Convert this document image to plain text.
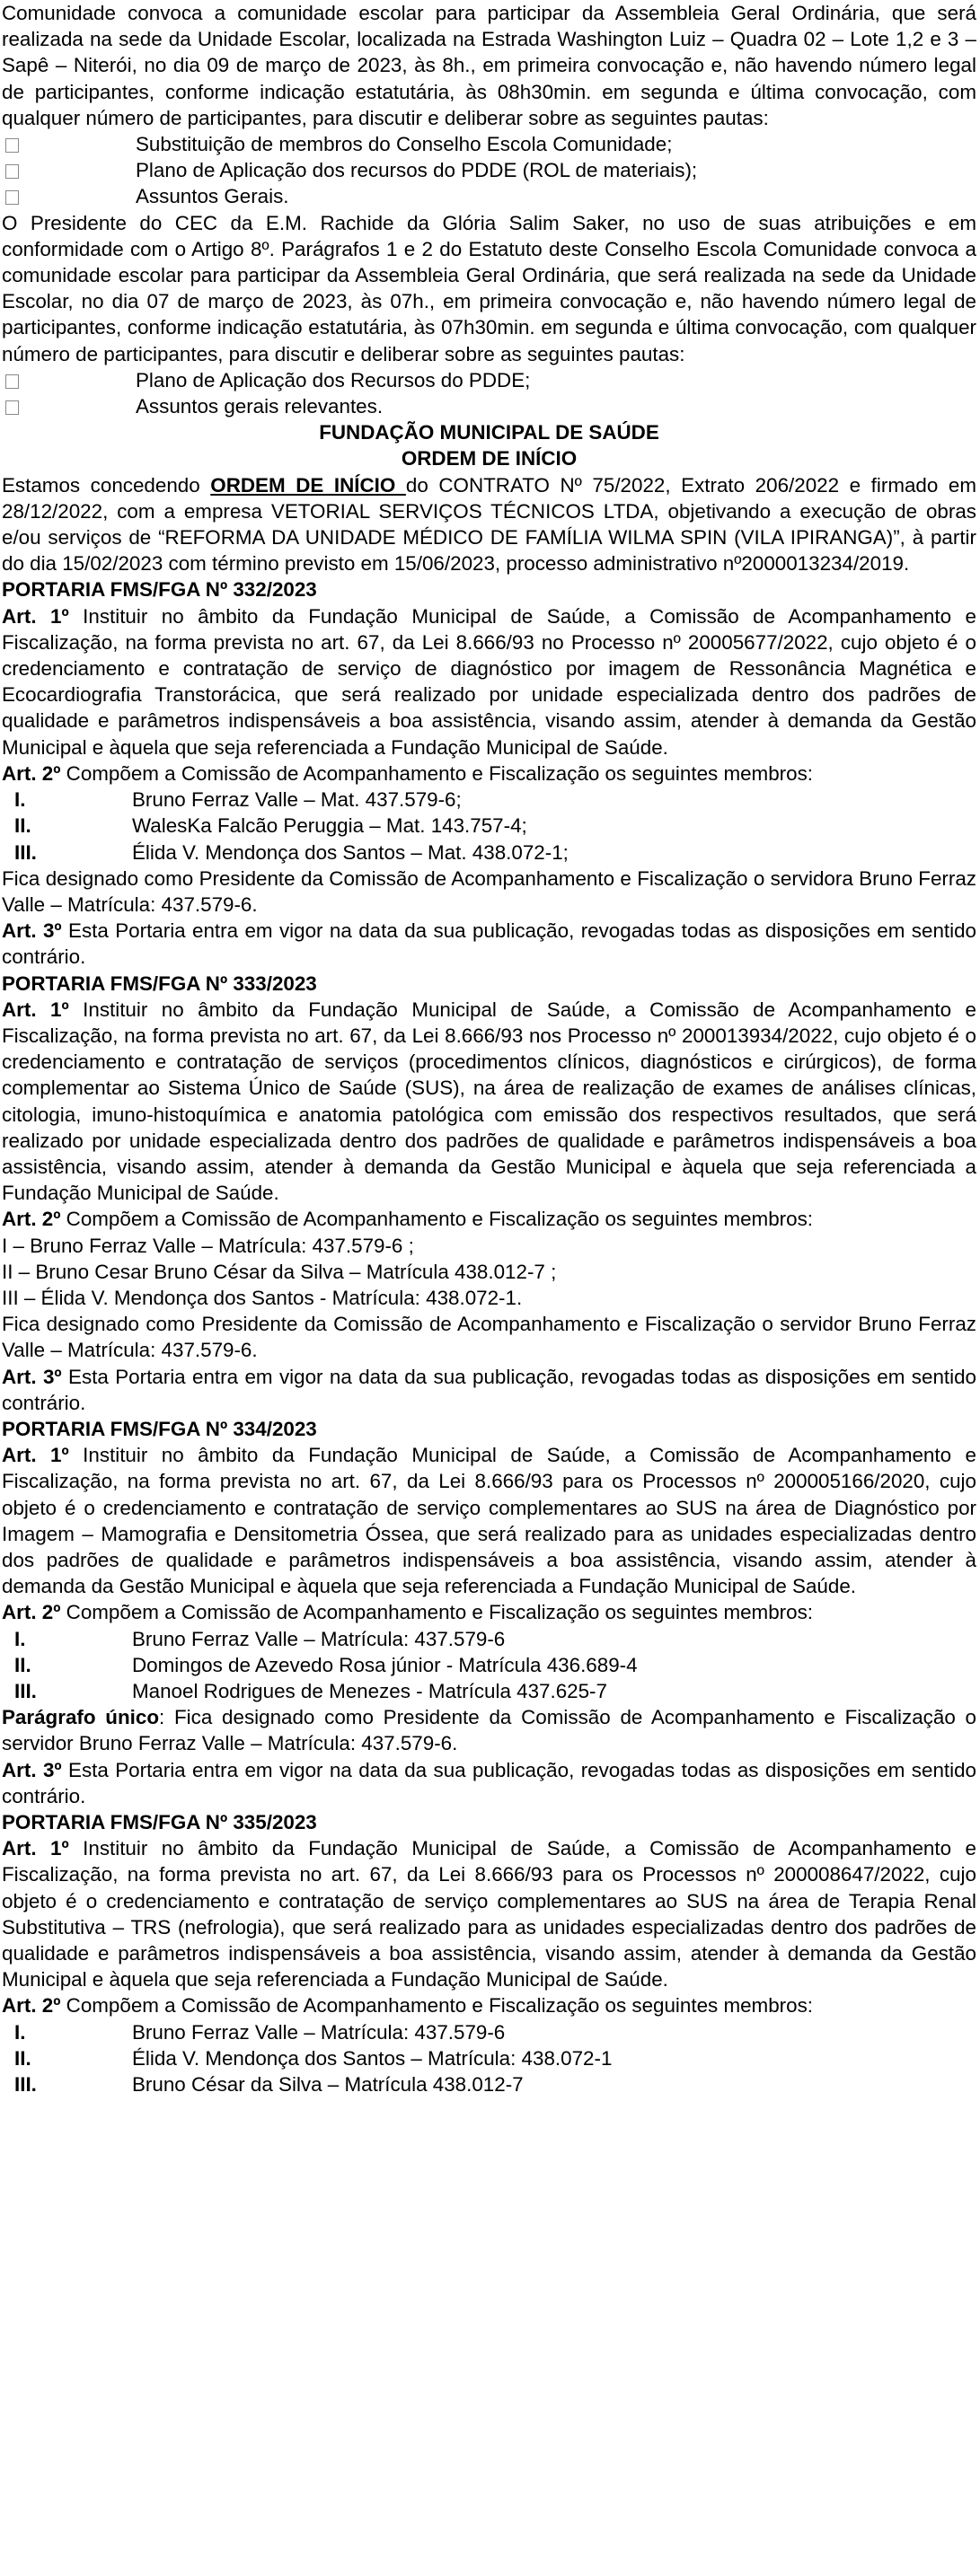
Comunidade convoca a comunidade escolar para participar da Assembleia Geral Ordinária, que será realizada na sede da Unidade Escolar, localizada na Estrada Washington Luiz – Quadra 02 – Lote 1,2 e 3 – Sapê – Niterói, no dia 09 de março de 2023, às 8h., em primeira convocação e, não havendo número legal de participantes, conforme indicação estatutária, às 08h30min. em segunda e última convocação, com qualquer número de participantes, para discutir e deliberar sobre as seguintes pautas:

Substituição de membros do Conselho Escola Comunidade;
Plano de Aplicação dos recursos do PDDE (ROL de materiais);
Assuntos Gerais.

O Presidente do CEC da E.M. Rachide da Glória Salim Saker, no uso de suas atribuições e em conformidade com o Artigo 8º. Parágrafos 1 e 2 do Estatuto deste Conselho Escola Comunidade convoca a comunidade escolar para participar da Assembleia Geral Ordinária, que será realizada na sede da Unidade Escolar, no dia 07 de março de 2023, às 07h., em primeira convocação e, não havendo número legal de participantes, conforme indicação estatutária, às 07h30min. em segunda e última convocação, com qualquer número de participantes, para discutir e deliberar sobre as seguintes pautas:

Plano de Aplicação dos Recursos do PDDE;
Assuntos gerais relevantes.

FUNDAÇÃO MUNICIPAL DE SAÚDE

ORDEM DE INÍCIO

Estamos concedendo ORDEM DE INÍCIO do CONTRATO Nº 75/2022, Extrato 206/2022 e firmado em 28/12/2022, com a empresa VETORIAL SERVIÇOS TÉCNICOS LTDA, objetivando a execução de obras e/ou serviços de “REFORMA DA UNIDADE MÉDICO DE FAMÍLIA WILMA SPIN (VILA IPIRANGA)”, à partir do dia 15/02/2023 com término previsto em 15/06/2023, processo administrativo nº2000013234/2019.

PORTARIA FMS/FGA Nº 332/2023

Art. 1º Instituir no âmbito da Fundação Municipal de Saúde, a Comissão de Acompanhamento e Fiscalização, na forma prevista no art. 67, da Lei 8.666/93 no Processo nº 20005677/2022, cujo objeto é o credenciamento e contratação de serviço de diagnóstico por imagem de Ressonância Magnética e Ecocardiografia Transtorácica, que será realizado por unidade especializada dentro dos padrões de qualidade e parâmetros indispensáveis a boa assistência, visando assim, atender à demanda da Gestão Municipal e àquela que seja referenciada a Fundação Municipal de Saúde.

Art. 2º Compõem a Comissão de Acompanhamento e Fiscalização os seguintes membros:

I.	Bruno Ferraz Valle – Mat. 437.579-6;
II.	WalesKa Falcão Peruggia – Mat. 143.757-4;
III.	Élida V. Mendonça dos Santos – Mat. 438.072-1;

Fica designado como Presidente da Comissão de Acompanhamento e Fiscalização o servidora Bruno Ferraz Valle – Matrícula: 437.579-6.

Art. 3º Esta Portaria entra em vigor na data da sua publicação, revogadas todas as disposições em sentido contrário.

PORTARIA FMS/FGA Nº 333/2023

Art. 1º Instituir no âmbito da Fundação Municipal de Saúde, a Comissão de Acompanhamento e Fiscalização, na forma prevista no art. 67, da Lei 8.666/93 nos Processo nº 200013934/2022, cujo objeto é o credenciamento e contratação de serviços (procedimentos clínicos, diagnósticos e cirúrgicos), de forma complementar ao Sistema Único de Saúde (SUS), na área de realização de exames de análises clínicas, citologia, imuno-histoquímica e anatomia patológica com emissão dos respectivos resultados, que será realizado por unidade especializada dentro dos padrões de qualidade e parâmetros indispensáveis a boa assistência, visando assim, atender à demanda da Gestão Municipal e àquela que seja referenciada a Fundação Municipal de Saúde.

Art. 2º Compõem a Comissão de Acompanhamento e Fiscalização os seguintes membros:

I – Bruno Ferraz Valle – Matrícula: 437.579-6 ;

II – Bruno Cesar Bruno César da Silva – Matrícula 438.012-7 ;

III – Élida V. Mendonça dos Santos - Matrícula: 438.072-1.

Fica designado como Presidente da Comissão de Acompanhamento e Fiscalização o servidor Bruno Ferraz Valle – Matrícula: 437.579-6.

Art. 3º Esta Portaria entra em vigor na data da sua publicação, revogadas todas as disposições em sentido contrário.

PORTARIA FMS/FGA Nº 334/2023

Art. 1º Instituir no âmbito da Fundação Municipal de Saúde, a Comissão de Acompanhamento e Fiscalização, na forma prevista no art. 67, da Lei 8.666/93 para os Processos nº 200005166/2020, cujo objeto é o credenciamento e contratação de serviço complementares ao SUS na área de Diagnóstico por Imagem – Mamografia e Densitometria Óssea, que será realizado para as unidades especializadas dentro dos padrões de qualidade e parâmetros indispensáveis a boa assistência, visando assim, atender à demanda da Gestão Municipal e àquela que seja referenciada a Fundação Municipal de Saúde.

Art. 2º Compõem a Comissão de Acompanhamento e Fiscalização os seguintes membros:

I.	Bruno Ferraz Valle – Matrícula: 437.579-6
II.	Domingos de Azevedo Rosa júnior - Matrícula 436.689-4
III.	Manoel Rodrigues de Menezes - Matrícula 437.625-7

Parágrafo único: Fica designado como Presidente da Comissão de Acompanhamento e Fiscalização o servidor Bruno Ferraz Valle – Matrícula: 437.579-6.

Art. 3º Esta Portaria entra em vigor na data da sua publicação, revogadas todas as disposições em sentido contrário.

PORTARIA FMS/FGA Nº 335/2023

Art. 1º Instituir no âmbito da Fundação Municipal de Saúde, a Comissão de Acompanhamento e Fiscalização, na forma prevista no art. 67, da Lei 8.666/93 para os Processos nº 200008647/2022, cujo objeto é o credenciamento e contratação de serviço complementares ao SUS na área de Terapia Renal Substitutiva – TRS (nefrologia), que será realizado para as unidades especializadas dentro dos padrões de qualidade e parâmetros indispensáveis a boa assistência, visando assim, atender à demanda da Gestão Municipal e àquela que seja referenciada a Fundação Municipal de Saúde.

Art. 2º Compõem a Comissão de Acompanhamento e Fiscalização os seguintes membros:

I.	Bruno Ferraz Valle – Matrícula: 437.579-6
II.	Élida V. Mendonça dos Santos – Matrícula: 438.072-1
III.	Bruno César da Silva – Matrícula 438.012-7
